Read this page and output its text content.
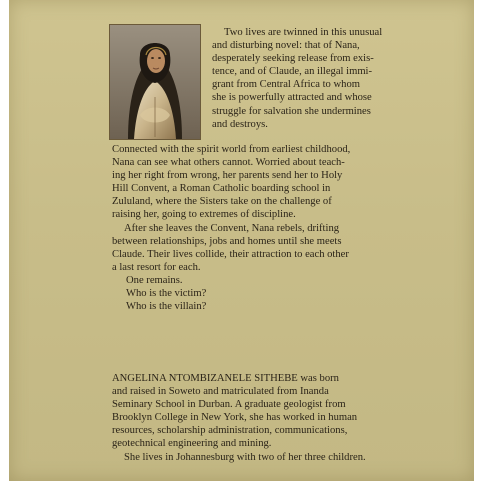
Two lives are twinned in this unusual
and disturbing novel: that of Nana,
desperately seeking release from exis-
tence, and of Claude, an illegal immi-
grant from Central Africa to whom
she is powerfully attracted and whose
struggle for salvation she undermines
and destroys.
Connected with the spirit world from earliest childhood,
Nana can see what others cannot. Worried about teach-
ing her right from wrong, her parents send her to Holy
Hill Convent, a Roman Catholic boarding school in
Zululand, where the Sisters take on the challenge of
raising her, going to extremes of discipline.
After she leaves the Convent, Nana rebels, drifting
between relationships, jobs and homes until she meets
Claude. Their lives collide, their attraction to each other
a last resort for each.
One remains.
Who is the victim?
Who is the villain?
ANGELINA NTOMBIZANELE SITHEBE was born
and raised in Soweto and matriculated from Inanda
Seminary School in Durban. A graduate geologist from
Brooklyn College in New York, she has worked in human
resources, scholarship administration, communications,
geotechnical engineering and mining.
She lives in Johannesburg with two of her three children.
